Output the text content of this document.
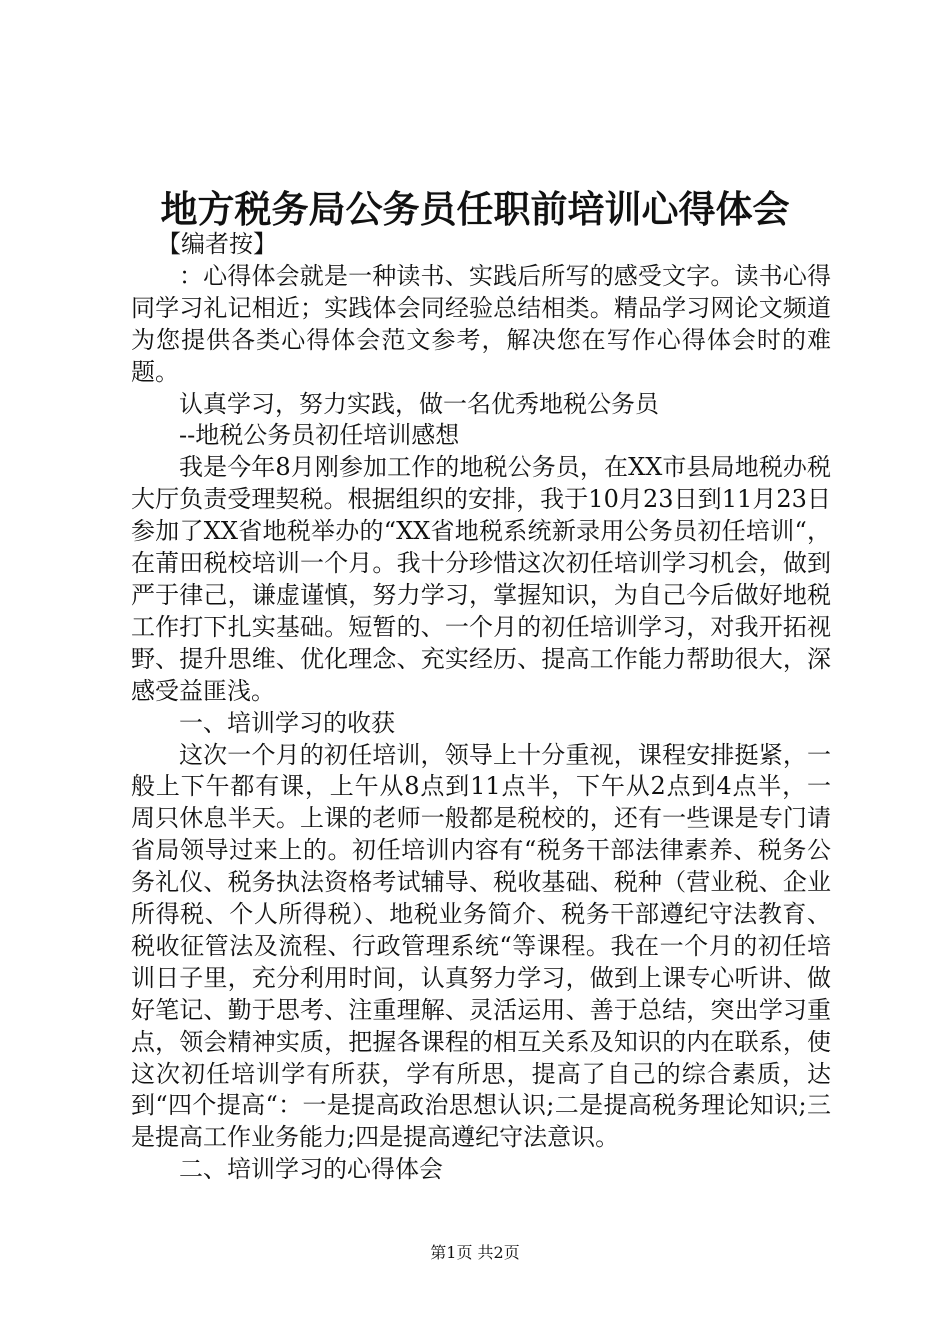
地方税务局公务员任职前培训心得体会

【编者按】

：心得体会就是一种读书、实践后所写的感受文字。读书心得同学习礼记相近；实践体会同经验总结相类。精品学习网论文频道为您提供各类心得体会范文参考，解决您在写作心得体会时的难题。

认真学习，努力实践，做一名优秀地税公务员

--地税公务员初任培训感想

我是今年8月刚参加工作的地税公务员，在XX市县局地税办税大厅负责受理契税。根据组织的安排，我于10月23日到11月23日参加了XX省地税举办的“XX省地税系统新录用公务员初任培训“，在莆田税校培训一个月。我十分珍惜这次初任培训学习机会，做到严于律己，谦虚谨慎，努力学习，掌握知识，为自己今后做好地税工作打下扎实基础。短暂的、一个月的初任培训学习，对我开拓视野、提升思维、优化理念、充实经历、提高工作能力帮助很大，深感受益匪浅。

一、培训学习的收获

这次一个月的初任培训，领导上十分重视，课程安排挺紧，一般上下午都有课，上午从8点到11点半，下午从2点到4点半，一周只休息半天。上课的老师一般都是税校的，还有一些课是专门请省局领导过来上的。初任培训内容有“税务干部法律素养、税务公务礼仪、税务执法资格考试辅导、税收基础、税种（营业税、企业所得税、个人所得税）、地税业务简介、税务干部遵纪守法教育、税收征管法及流程、行政管理系统“等课程。我在一个月的初任培训日子里，充分利用时间，认真努力学习，做到上课专心听讲、做好笔记、勤于思考、注重理解、灵活运用、善于总结，突出学习重点，领会精神实质，把握各课程的相互关系及知识的内在联系，使这次初任培训学有所获，学有所思，提高了自己的综合素质，达到“四个提高“：一是提高政治思想认识;二是提高税务理论知识;三是提高工作业务能力;四是提高遵纪守法意识。

二、培训学习的心得体会

第1页 共2页
